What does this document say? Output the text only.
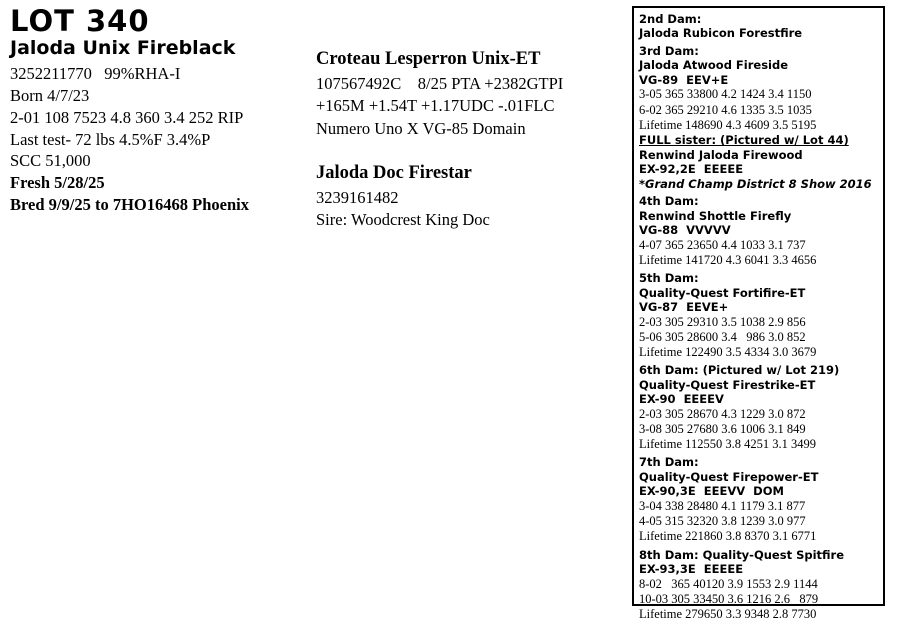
LOT 340
Jaloda Unix Fireblack
3252211770   99%RHA-I
Born 4/7/23
2-01 108 7523 4.8 360 3.4 252 RIP
Last test- 72 lbs 4.5%F 3.4%P
SCC 51,000
Fresh 5/28/25
Bred 9/9/25 to 7HO16468 Phoenix
Croteau Lesperron Unix-ET
107567492C    8/25 PTA +2382GTPI
+165M +1.54T +1.17UDC -.01FLC
Numero Uno X VG-85 Domain
Jaloda Doc Firestar
3239161482
Sire: Woodcrest King Doc
2nd Dam:
Jaloda Rubicon Forestfire
3rd Dam:
Jaloda Atwood Fireside
VG-89  EEV+E
3-05 365 33800 4.2 1424 3.4 1150
6-02 365 29210 4.6 1335 3.5 1035
Lifetime 148690 4.3 4609 3.5 5195
FULL sister: (Pictured w/ Lot 44)
Renwind Jaloda Firewood
EX-92,2E  EEEEE
*Grand Champ District 8 Show 2016
4th Dam:
Renwind Shottle Firefly
VG-88  VVVVV
4-07 365 23650 4.4 1033 3.1 737
Lifetime 141720 4.3 6041 3.3 4656
5th Dam:
Quality-Quest Fortifire-ET
VG-87  EEVE+
2-03 305 29310 3.5 1038 2.9 856
5-06 305 28600 3.4   986 3.0 852
Lifetime 122490 3.5 4334 3.0 3679
6th Dam: (Pictured w/ Lot 219)
Quality-Quest Firestrike-ET
EX-90  EEEEV
2-03 305 28670 4.3 1229 3.0 872
3-08 305 27680 3.6 1006 3.1 849
Lifetime 112550 3.8 4251 3.1 3499
7th Dam:
Quality-Quest Firepower-ET
EX-90,3E  EEEVV  DOM
3-04 338 28480 4.1 1179 3.1 877
4-05 315 32320 3.8 1239 3.0 977
Lifetime 221860 3.8 8370 3.1 6771
8th Dam: Quality-Quest Spitfire
EX-93,3E  EEEEE
8-02   365 40120 3.9 1553 2.9 1144
10-03 305 33450 3.6 1216 2.6   879
Lifetime 279650 3.3 9348 2.8 7730
